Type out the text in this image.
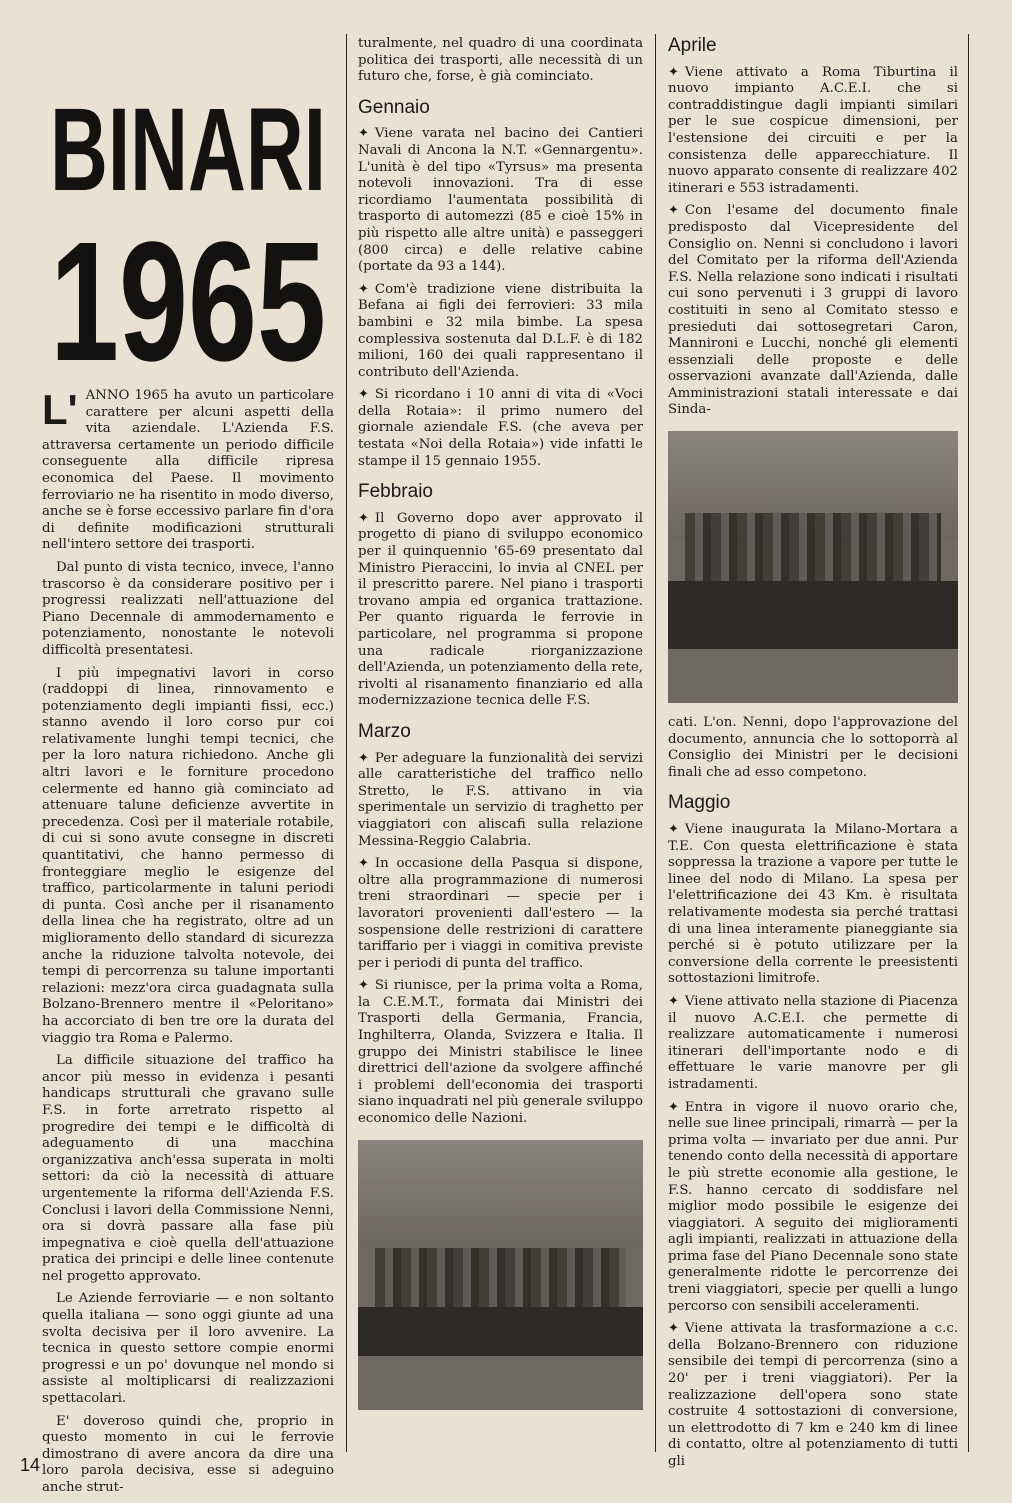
BINARI
1965

L' ANNO 1965 ha avuto un particolare carattere per alcuni aspetti della vita aziendale. L'Azienda F.S. attraversa certamente un periodo difficile conseguente alla difficile ripresa economica del Paese. Il movimento ferroviario ne ha risentito in modo diverso, anche se è forse eccessivo parlare fin d'ora di definite modificazioni strutturali nell'intero settore dei trasporti.

Dal punto di vista tecnico, invece, l'anno trascorso è da considerare positivo per i progressi realizzati nell'attuazione del Piano Decennale di ammodernamento e potenziamento, nonostante le notevoli difficoltà presentatesi.

I più impegnativi lavori in corso (raddoppi di linea, rinnovamento e potenziamento degli impianti fissi, ecc.) stanno avendo il loro corso pur coi relativamente lunghi tempi tecnici, che per la loro natura richiedono. Anche gli altri lavori e le forniture procedono celermente ed hanno già cominciato ad attenuare talune deficienze avvertite in precedenza. Così per il materiale rotabile, di cui si sono avute consegne in discreti quantitativi, che hanno permesso di fronteggiare meglio le esigenze del traffico, particolarmente in taluni periodi di punta. Così anche per il risanamento della linea che ha registrato, oltre ad un miglioramento dello standard di sicurezza anche la riduzione talvolta notevole, dei tempi di percorrenza su talune importanti relazioni: mezz'ora circa guadagnata sulla Bolzano-Brennero mentre il «Peloritano» ha accorciato di ben tre ore la durata del viaggio tra Roma e Palermo.

La difficile situazione del traffico ha ancor più messo in evidenza i pesanti handicaps strutturali che gravano sulle F.S. in forte arretrato rispetto al progredire dei tempi e le difficoltà di adeguamento di una macchina organizzativa anch'essa superata in molti settori: da ciò la necessità di attuare urgentemente la riforma dell'Azienda F.S. Conclusi i lavori della Commissione Nenni, ora si dovrà passare alla fase più impegnativa e cioè quella dell'attuazione pratica dei principi e delle linee contenute nel progetto approvato.

Le Aziende ferroviarie — e non soltanto quella italiana — sono oggi giunte ad una svolta decisiva per il loro avvenire. La tecnica in questo settore compie enormi progressi e un po' dovunque nel mondo si assiste al moltiplicarsi di realizzazioni spettacolari.

E' doveroso quindi che, proprio in questo momento in cui le ferrovie dimostrano di avere ancora da dire una loro parola decisiva, esse si adeguino anche strut-

turalmente, nel quadro di una coordinata politica dei trasporti, alle necessità di un futuro che, forse, è già cominciato.

Gennaio

✦ Viene varata nel bacino dei Cantieri Navali di Ancona la N.T. «Gennargentu». L'unità è del tipo «Tyrsus» ma presenta notevoli innovazioni. Tra di esse ricordiamo l'aumentata possibilità di trasporto di automezzi (85 e cioè 15% in più rispetto alle altre unità) e passeggeri (800 circa) e delle relative cabine (portate da 93 a 144).

✦ Com'è tradizione viene distribuita la Befana ai figli dei ferrovieri: 33 mila bambini e 32 mila bimbe. La spesa complessiva sostenuta dal D.L.F. è di 182 milioni, 160 dei quali rappresentano il contributo dell'Azienda.

✦ Si ricordano i 10 anni di vita di «Voci della Rotaia»: il primo numero del giornale aziendale F.S. (che aveva per testata «Noi della Rotaia») vide infatti le stampe il 15 gennaio 1955.

Febbraio

✦ Il Governo dopo aver approvato il progetto di piano di sviluppo economico per il quinquennio '65-69 presentato dal Ministro Pieraccini, lo invia al CNEL per il prescritto parere. Nel piano i trasporti trovano ampia ed organica trattazione. Per quanto riguarda le ferrovie in particolare, nel programma si propone una radicale riorganizzazione dell'Azienda, un potenziamento della rete, rivolti al risanamento finanziario ed alla modernizzazione tecnica delle F.S.

Marzo

✦ Per adeguare la funzionalità dei servizi alle caratteristiche del traffico nello Stretto, le F.S. attivano in via sperimentale un servizio di traghetto per viaggiatori con aliscafi sulla relazione Messina-Reggio Calabria.

✦ In occasione della Pasqua si dispone, oltre alla programmazione di numerosi treni straordinari — specie per i lavoratori provenienti dall'estero — la sospensione delle restrizioni di carattere tariffario per i viaggi in comitiva previste per i periodi di punta del traffico.

✦ Si riunisce, per la prima volta a Roma, la C.E.M.T., formata dai Ministri dei Trasporti della Germania, Francia, Inghilterra, Olanda, Svizzera e Italia. Il gruppo dei Ministri stabilisce le linee direttrici dell'azione da svolgere affinché i problemi dell'economia dei trasporti siano inquadrati nel più generale sviluppo economico delle Nazioni.

Aprile

✦ Viene attivato a Roma Tiburtina il nuovo impianto A.C.E.I. che si contraddistingue dagli impianti similari per le sue cospicue dimensioni, per l'estensione dei circuiti e per la consistenza delle apparecchiature. Il nuovo apparato consente di realizzare 402 itinerari e 553 istradamenti.

✦ Con l'esame del documento finale predisposto dal Vicepresidente del Consiglio on. Nenni si concludono i lavori del Comitato per la riforma dell'Azienda F.S. Nella relazione sono indicati i risultati cui sono pervenuti i 3 gruppi di lavoro costituiti in seno al Comitato stesso e presieduti dai sottosegretari Caron, Mannironi e Lucchi, nonché gli elementi essenziali delle proposte e delle osservazioni avanzate dall'Azienda, dalle Amministrazioni statali interessate e dai Sinda-

cati. L'on. Nenni, dopo l'approvazione del documento, annuncia che lo sottoporrà al Consiglio dei Ministri per le decisioni finali che ad esso competono.

Maggio

✦ Viene inaugurata la Milano-Mortara a T.E. Con questa elettrificazione è stata soppressa la trazione a vapore per tutte le linee del nodo di Milano. La spesa per l'elettrificazione dei 43 Km. è risultata relativamente modesta sia perché trattasi di una linea interamente pianeggiante sia perché si è potuto utilizzare per la conversione della corrente le preesistenti sottostazioni limitrofe.

✦ Viene attivato nella stazione di Piacenza il nuovo A.C.E.I. che permette di realizzare automaticamente i numerosi itinerari dell'importante nodo e di effettuare le varie manovre per gli istradamenti.

✦ Entra in vigore il nuovo orario che, nelle sue linee principali, rimarrà — per la prima volta — invariato per due anni. Pur tenendo conto della necessità di apportare le più strette economie alla gestione, le F.S. hanno cercato di soddisfare nel miglior modo possibile le esigenze dei viaggiatori. A seguito dei miglioramenti agli impianti, realizzati in attuazione della prima fase del Piano Decennale sono state generalmente ridotte le percorrenze dei treni viaggiatori, specie per quelli a lungo percorso con sensibili acceleramenti.

✦ Viene attivata la trasformazione a c.c. della Bolzano-Brennero con riduzione sensibile dei tempi di percorrenza (sino a 20' per i treni viaggiatori). Per la realizzazione dell'opera sono state costruite 4 sottostazioni di conversione, un elettrodotto di 7 km e 240 km di linee di contatto, oltre al potenziamento di tutti gli

14
